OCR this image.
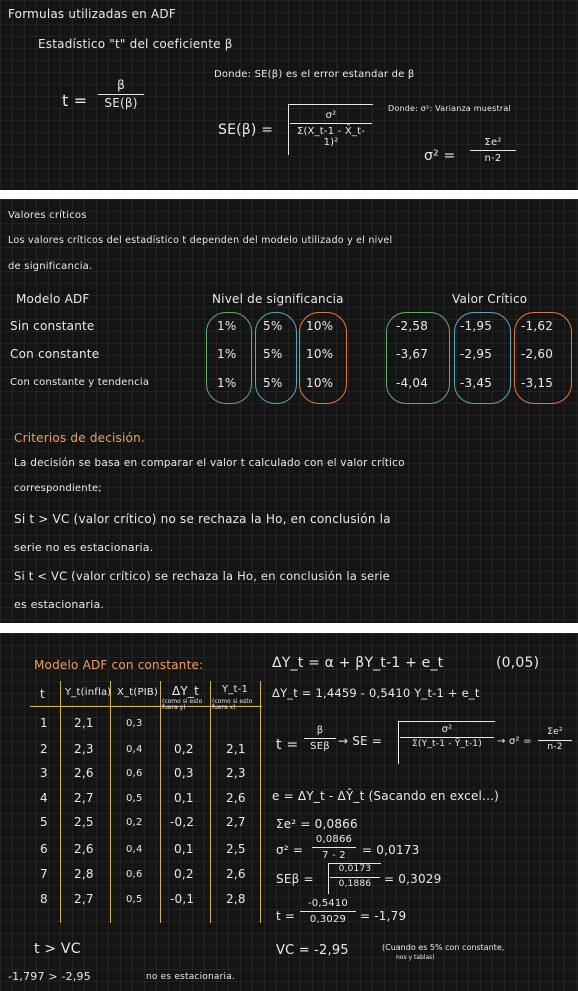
Formulas utilizadas en ADF
Estadístico "t" del coeficiente β
t =
β
SE(β)
Donde: SE(β) es el error estandar de β
SE(β) =
σ²
Σ(X_t-1 - X̄_t-1)²
Donde: σ²: Varianza muestral
σ² =
Σe²
n-2
Valores críticos
Los valores críticos del estadístico t dependen del modelo utilizado y el nivel
de significancia.
Modelo ADF	Nivel de significancia	Valor Crítico
Sin constante	1% 5% 10%	-2,58	-1,95 -1,62
Con constante	1% 5% 10%	-3,67	-2,95 -2,60
Con constante y tendencia	1% 5% 10%	-4,04	-3,45 -3,15
Criterios de decisión.
La decisión se basa en comparar el valor t calculado con el valor crítico
correspondiente;
Si t > VC (valor crítico) no se rechaza la Ho, en conclusión la
serie no es estacionaria.
Si t < VC (valor crítico) se rechaza la Ho, en conclusión la serie
es estacionaria.
Modelo ADF con constante:	ΔY_t = α + βY_t-1 + e_t	(0,05)
t Y_t(infla) X_t(PIB) ΔY_t Y_t-1
(como si esto fuera y)
(como si esto fuera x)
1 2,1	0,3
2 2,3	0,4	0,2	2,1
3 2,6	0,6	0,3	2,3
4 2,7	0,5	0,1	2,6
5 2,5	0,2 -0,2	2,7
6 2,6	0,4	0,1	2,5
7 2,8	0,6	0,2	2,6
8 2,7	0,5 -0,1	2,8
ΔY_t = 1,4459 - 0,5410 Y_t-1 + e_t
t =
β
SEβ → SE =
σ²
Σ(Y_t-1 - Ȳ_t-1)	→ σ² =
Σe²
n-2
e = ΔY_t - ΔŶ_t (Sacando en excel...)
Σe² = 0,0866
σ² =
0,0866
7 - 2	= 0,0173
SEβ =
0,0173
0,1886	= 0,3029
t =
-0,5410
0,3029	= -1,79
VC = -2,95	(Cuando es 5% con constante,
nos y tablas)
t > VC
-1,797 > -2,95	no es estacionaria.
